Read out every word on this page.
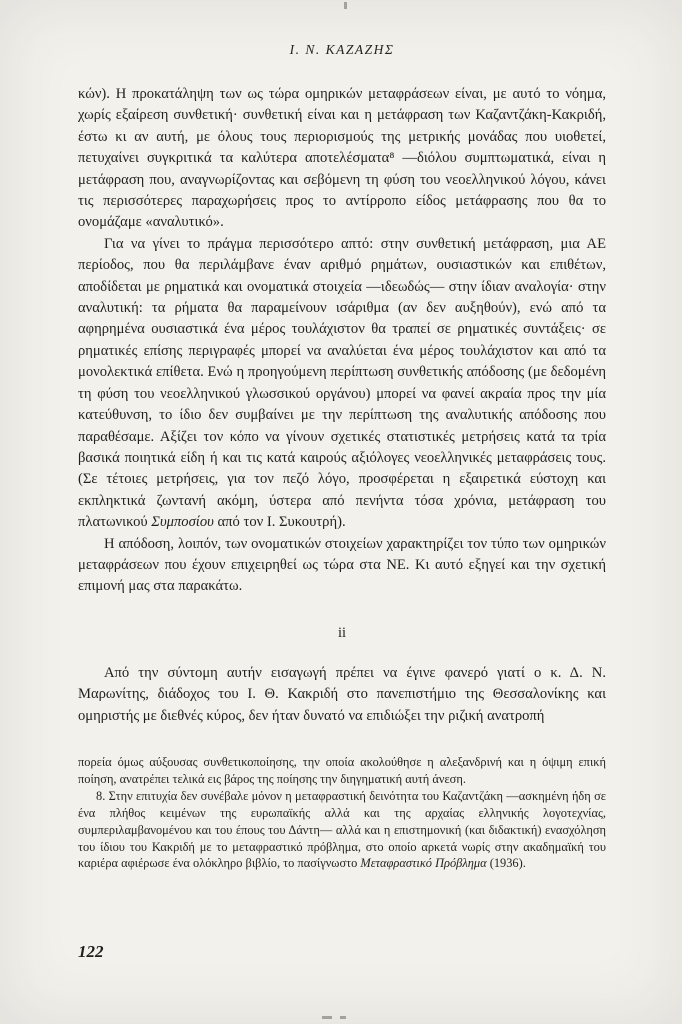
Ι. Ν. ΚΑΖΑΖΗΣ

κών). Η προκατάληψη των ως τώρα ομηρικών μεταφράσεων είναι, με αυτό το νόημα, χωρίς εξαίρεση συνθετική· συνθετική είναι και η μετάφραση των Καζαντζάκη-Κακριδή, έστω κι αν αυτή, με όλους τους περιορισμούς της μετρικής μονάδας που υιοθετεί, πετυχαίνει συγκριτικά τα καλύτερα αποτελέσματα⁸ —διόλου συμπτωματικά, είναι η μετάφραση που, αναγνωρίζοντας και σεβόμενη τη φύση του νεοελληνικού λόγου, κάνει τις περισσότερες παραχωρήσεις προς το αντίρροπο είδος μετάφρασης που θα το ονομάζαμε «αναλυτικό».

Για να γίνει το πράγμα περισσότερο απτό: στην συνθετική μετάφραση, μια ΑΕ περίοδος, που θα περιλάμβανε έναν αριθμό ρημάτων, ουσιαστικών και επιθέτων, αποδίδεται με ρηματικά και ονοματικά στοιχεία —ιδεωδώς— στην ίδιαν αναλογία· στην αναλυτική: τα ρήματα θα παραμείνουν ισάριθμα (αν δεν αυξηθούν), ενώ από τα αφηρημένα ουσιαστικά ένα μέρος τουλάχιστον θα τραπεί σε ρηματικές συντάξεις· σε ρηματικές επίσης περιγραφές μπορεί να αναλύεται ένα μέρος τουλάχιστον και από τα μονολεκτικά επίθετα. Ενώ η προηγούμενη περίπτωση συνθετικής απόδοσης (με δεδομένη τη φύση του νεοελληνικού γλωσσικού οργάνου) μπορεί να φανεί ακραία προς την μία κατεύθυνση, το ίδιο δεν συμβαίνει με την περίπτωση της αναλυτικής απόδοσης που παραθέσαμε. Αξίζει τον κόπο να γίνουν σχετικές στατιστικές μετρήσεις κατά τα τρία βασικά ποιητικά είδη ή και τις κατά καιρούς αξιόλογες νεοελληνικές μεταφράσεις τους. (Σε τέτοιες μετρήσεις, για τον πεζό λόγο, προσφέρεται η εξαιρετικά εύστοχη και εκπληκτικά ζωντανή ακόμη, ύστερα από πενήντα τόσα χρόνια, μετάφραση του πλατωνικού Συμποσίου από τον Ι. Συκουτρή).

Η απόδοση, λοιπόν, των ονοματικών στοιχείων χαρακτηρίζει τον τύπο των ομηρικών μεταφράσεων που έχουν επιχειρηθεί ως τώρα στα ΝΕ. Κι αυτό εξηγεί και την σχετική επιμονή μας στα παρακάτω.

ii

Από την σύντομη αυτήν εισαγωγή πρέπει να έγινε φανερό γιατί ο κ. Δ. Ν. Μαρωνίτης, διάδοχος του Ι. Θ. Κακριδή στο πανεπιστήμιο της Θεσσαλονίκης και ομηριστής με διεθνές κύρος, δεν ήταν δυνατό να επιδιώξει την ριζική ανατροπή

πορεία όμως αύξουσας συνθετικοποίησης, την οποία ακολούθησε η αλεξανδρινή και η όψιμη επική ποίηση, ανατρέπει τελικά εις βάρος της ποίησης την διηγηματική αυτή άνεση.

8. Στην επιτυχία δεν συνέβαλε μόνον η μεταφραστική δεινότητα του Καζαντζάκη —ασκημένη ήδη σε ένα πλήθος κειμένων της ευρωπαϊκής αλλά και της αρχαίας ελληνικής λογοτεχνίας, συμπεριλαμβανομένου και του έπους του Δάντη— αλλά και η επιστημονική (και διδακτική) ενασχόληση του ίδιου του Κακριδή με το μεταφραστικό πρόβλημα, στο οποίο αρκετά νωρίς στην ακαδημαϊκή του καριέρα αφιέρωσε ένα ολόκληρο βιβλίο, το πασίγνωστο Μεταφραστικό Πρόβλημα (1936).

122
